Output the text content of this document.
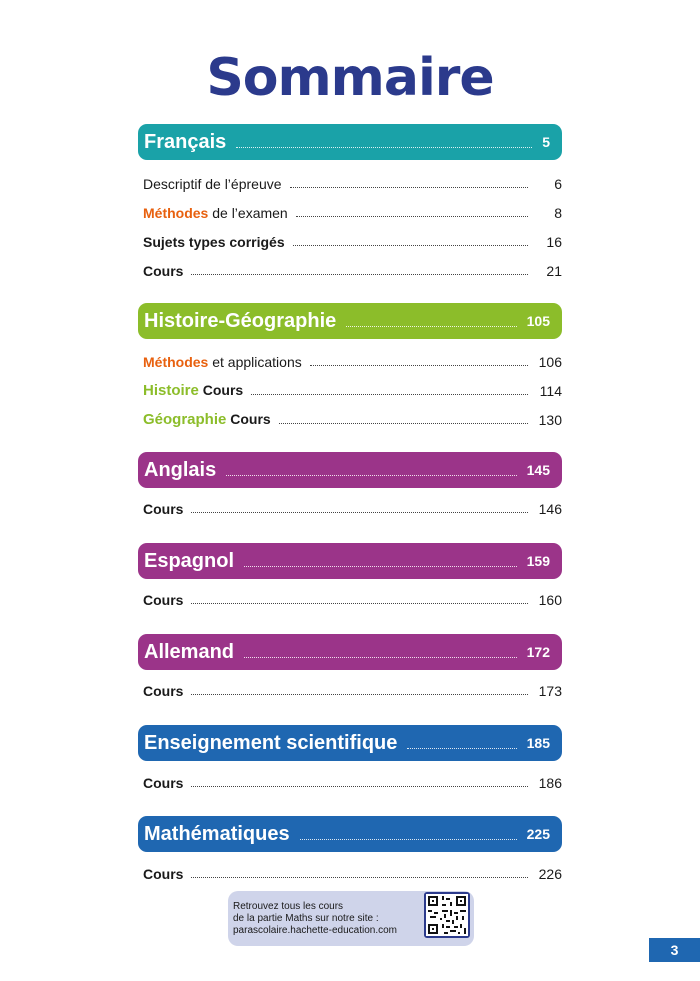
Sommaire
Français	5
Descriptif de l’épreuve	6
Méthodes de l’examen	8
Sujets types corrigés	16
Cours	21
Histoire-Géographie	105
Méthodes et applications	106
Histoire Cours	114
Géographie Cours	130
Anglais	145
Cours	146
Espagnol	159
Cours	160
Allemand	172
Cours	173
Enseignement scientifique	185
Cours	186
Mathématiques	225
Cours	226
Retrouvez tous les cours
de la partie Maths sur notre site :
parascolaire.hachette-education.com
3
